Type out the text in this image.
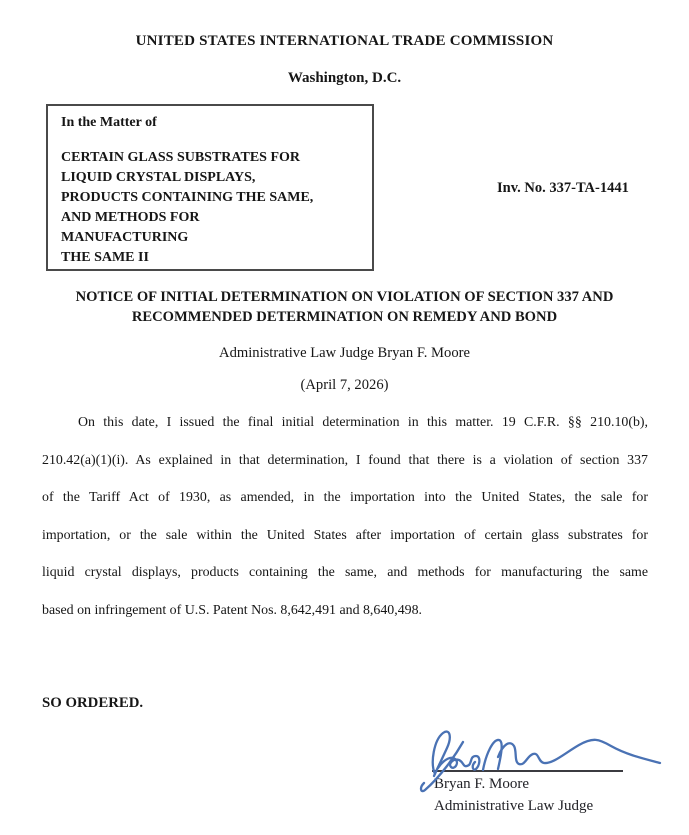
UNITED STATES INTERNATIONAL TRADE COMMISSION
Washington, D.C.

In the Matter of

CERTAIN GLASS SUBSTRATES FOR
LIQUID CRYSTAL DISPLAYS,
PRODUCTS CONTAINING THE SAME,
AND METHODS FOR
MANUFACTURING
THE SAME II
Inv. No. 337-TA-1441
NOTICE OF INITIAL DETERMINATION ON VIOLATION OF SECTION 337 AND
RECOMMENDED DETERMINATION ON REMEDY AND BOND
Administrative Law Judge Bryan F. Moore
(April 7, 2026)
On this date, I issued the final initial determination in this matter. 19 C.F.R. §§ 210.10(b),
210.42(a)(1)(i). As explained in that determination, I found that there is a violation of section 337
of the Tariff Act of 1930, as amended, in the importation into the United States, the sale for
importation, or the sale within the United States after importation of certain glass substrates for
liquid crystal displays, products containing the same, and methods for manufacturing the same
based on infringement of U.S. Patent Nos. 8,642,491 and 8,640,498.
SO ORDERED.
Bryan F. Moore
Administrative Law Judge
